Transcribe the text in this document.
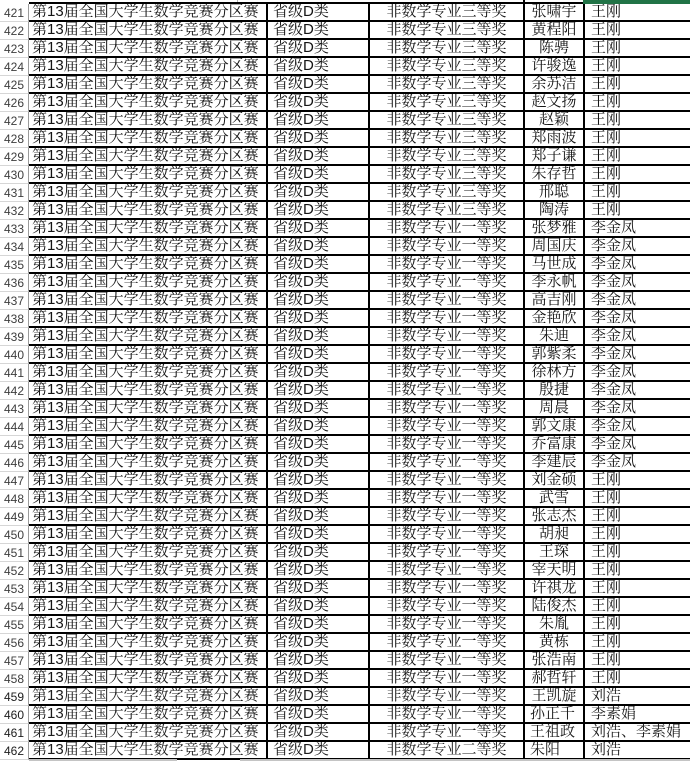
421 第13届全国大学生数学竞赛分区赛 省级D类	非数学专业三等奖	张啸宇 王刚
422 第13届全国大学生数学竞赛分区赛 省级D类	非数学专业三等奖	黄程阳 王刚
423 第13届全国大学生数学竞赛分区赛 省级D类	非数学专业三等奖	陈骋	王刚
424 第13届全国大学生数学竞赛分区赛 省级D类	非数学专业三等奖	许骏逸 王刚
425 第13届全国大学生数学竞赛分区赛 省级D类	非数学专业三等奖	余苏洁 王刚
426 第13届全国大学生数学竞赛分区赛 省级D类	非数学专业三等奖	赵文扬 王刚
427 第13届全国大学生数学竞赛分区赛 省级D类	非数学专业三等奖	赵颖	王刚
428 第13届全国大学生数学竞赛分区赛 省级D类	非数学专业三等奖	郑雨波 王刚
429 第13届全国大学生数学竞赛分区赛 省级D类	非数学专业三等奖	郑子谦 王刚
430 第13届全国大学生数学竞赛分区赛 省级D类	非数学专业三等奖	朱存哲 王刚
431 第13届全国大学生数学竞赛分区赛 省级D类	非数学专业三等奖	邢聪	王刚
432 第13届全国大学生数学竞赛分区赛 省级D类	非数学专业三等奖	陶涛	王刚
433 第13届全国大学生数学竞赛分区赛 省级D类	非数学专业一等奖	张梦雅 李金凤
434 第13届全国大学生数学竞赛分区赛 省级D类	非数学专业一等奖	周国庆 李金凤
435 第13届全国大学生数学竞赛分区赛 省级D类	非数学专业一等奖	马世成 李金凤
436 第13届全国大学生数学竞赛分区赛 省级D类	非数学专业一等奖	李永帆 李金凤
437 第13届全国大学生数学竞赛分区赛 省级D类	非数学专业一等奖	高吉刚 李金凤
438 第13届全国大学生数学竞赛分区赛 省级D类	非数学专业一等奖	金艳欣 李金凤
439 第13届全国大学生数学竞赛分区赛 省级D类	非数学专业一等奖	朱迪	李金凤
440 第13届全国大学生数学竞赛分区赛 省级D类	非数学专业一等奖	郭紫柔 李金凤
441 第13届全国大学生数学竞赛分区赛 省级D类	非数学专业一等奖	徐林方 李金凤
442 第13届全国大学生数学竞赛分区赛 省级D类	非数学专业一等奖	殷捷	李金凤
443 第13届全国大学生数学竞赛分区赛 省级D类	非数学专业一等奖	周晨	李金凤
444 第13届全国大学生数学竞赛分区赛 省级D类	非数学专业一等奖	郭文康 李金凤
445 第13届全国大学生数学竞赛分区赛 省级D类	非数学专业一等奖	乔富康 李金凤
446 第13届全国大学生数学竞赛分区赛 省级D类	非数学专业一等奖	李建辰 李金凤
447 第13届全国大学生数学竞赛分区赛 省级D类	非数学专业一等奖	刘金硕 王刚
448 第13届全国大学生数学竞赛分区赛 省级D类	非数学专业一等奖	武雪	王刚
449 第13届全国大学生数学竞赛分区赛 省级D类	非数学专业一等奖	张志杰 王刚
450 第13届全国大学生数学竞赛分区赛 省级D类	非数学专业一等奖	胡昶	王刚
451 第13届全国大学生数学竞赛分区赛 省级D类	非数学专业一等奖	王琛	王刚
452 第13届全国大学生数学竞赛分区赛 省级D类	非数学专业一等奖	宰天明 王刚
453 第13届全国大学生数学竞赛分区赛 省级D类	非数学专业一等奖	许祺龙 王刚
454 第13届全国大学生数学竞赛分区赛 省级D类	非数学专业一等奖	陆俊杰 王刚
455 第13届全国大学生数学竞赛分区赛 省级D类	非数学专业一等奖	朱胤	王刚
456 第13届全国大学生数学竞赛分区赛 省级D类	非数学专业一等奖	黄栋	王刚
457 第13届全国大学生数学竞赛分区赛 省级D类	非数学专业一等奖	张浩南 王刚
458 第13届全国大学生数学竞赛分区赛 省级D类	非数学专业一等奖	郝哲轩 王刚
459 第13届全国大学生数学竞赛分区赛 省级D类	非数学专业一等奖	王凯旋 刘浩
460 第13届全国大学生数学竞赛分区赛 省级D类	非数学专业一等奖	孙正千	李素娟
461 第13届全国大学生数学竞赛分区赛 省级D类	非数学专业一等奖	王祖政	刘浩、李素娟
462 第13届全国大学生数学竞赛分区赛 省级D类	非数学专业二等奖	朱阳	刘浩
